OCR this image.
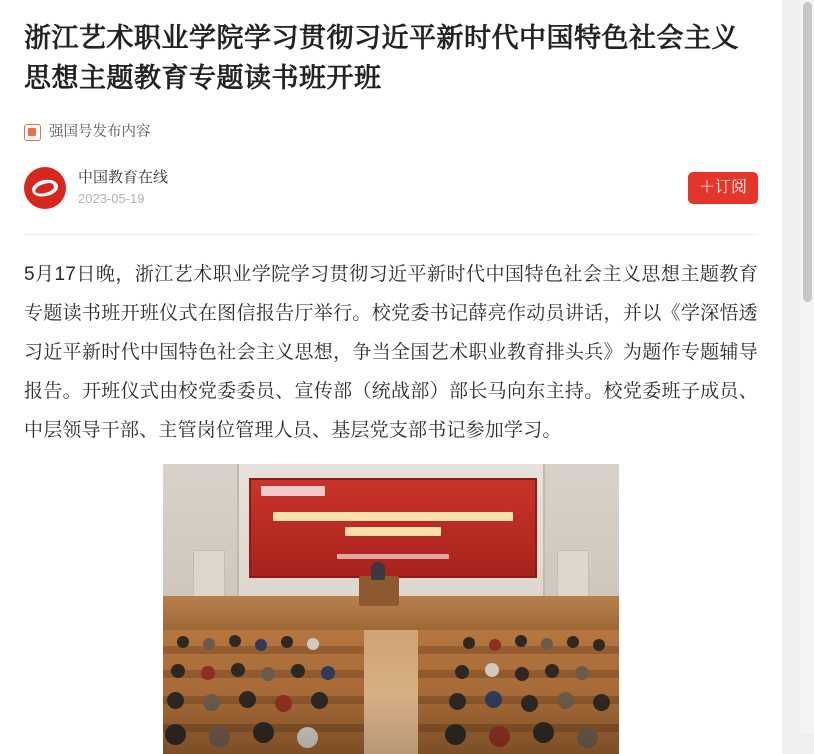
浙江艺术职业学院学习贯彻习近平新时代中国特色社会主义思想主题教育专题读书班开班
强国号发布内容
中国教育在线
2023-05-19
＋订阅

5月17日晚，浙江艺术职业学院学习贯彻习近平新时代中国特色社会主义思想主题教育专题读书班开班仪式在图信报告厅举行。校党委书记薛亮作动员讲话，并以《学深悟透习近平新时代中国特色社会主义思想，争当全国艺术职业教育排头兵》为题作专题辅导报告。开班仪式由校党委委员、宣传部（统战部）部长马向东主持。校党委班子成员、中层领导干部、主管岗位管理人员、基层党支部书记参加学习。
